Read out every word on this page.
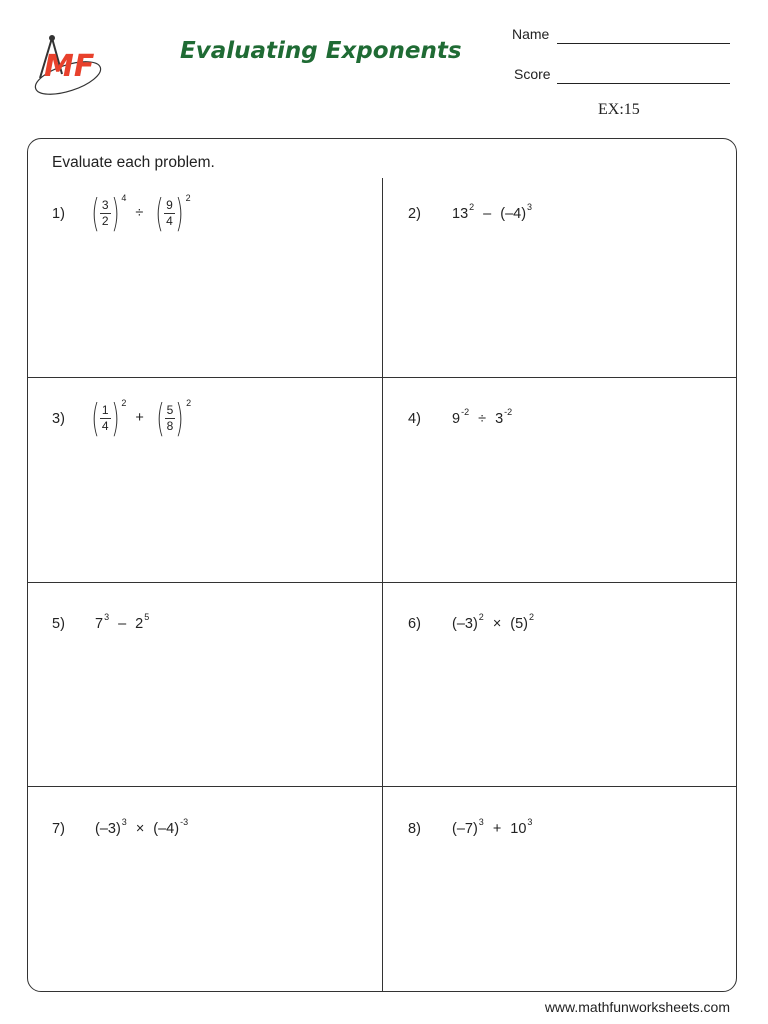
MF	Evaluating Exponents
Name
Score
EX:15
Evaluate each problem.
1) ( $\frac{3}{2}$ ) 4
÷ ( $\frac{9}{4}$ ) 2
2) 13 2 – (–4) 3
3) ( $\frac{1}{4}$ ) 2
+ ( $\frac{5}{8}$ ) 2
4) 9 -2 ÷ 3 -2
5) 7 3 – 2 5	6) (–3) 2 × (5) 2
7) (–3) 3 × (–4) -3	8) (–7) 3 + 10 3
www.mathfunworksheets.com
